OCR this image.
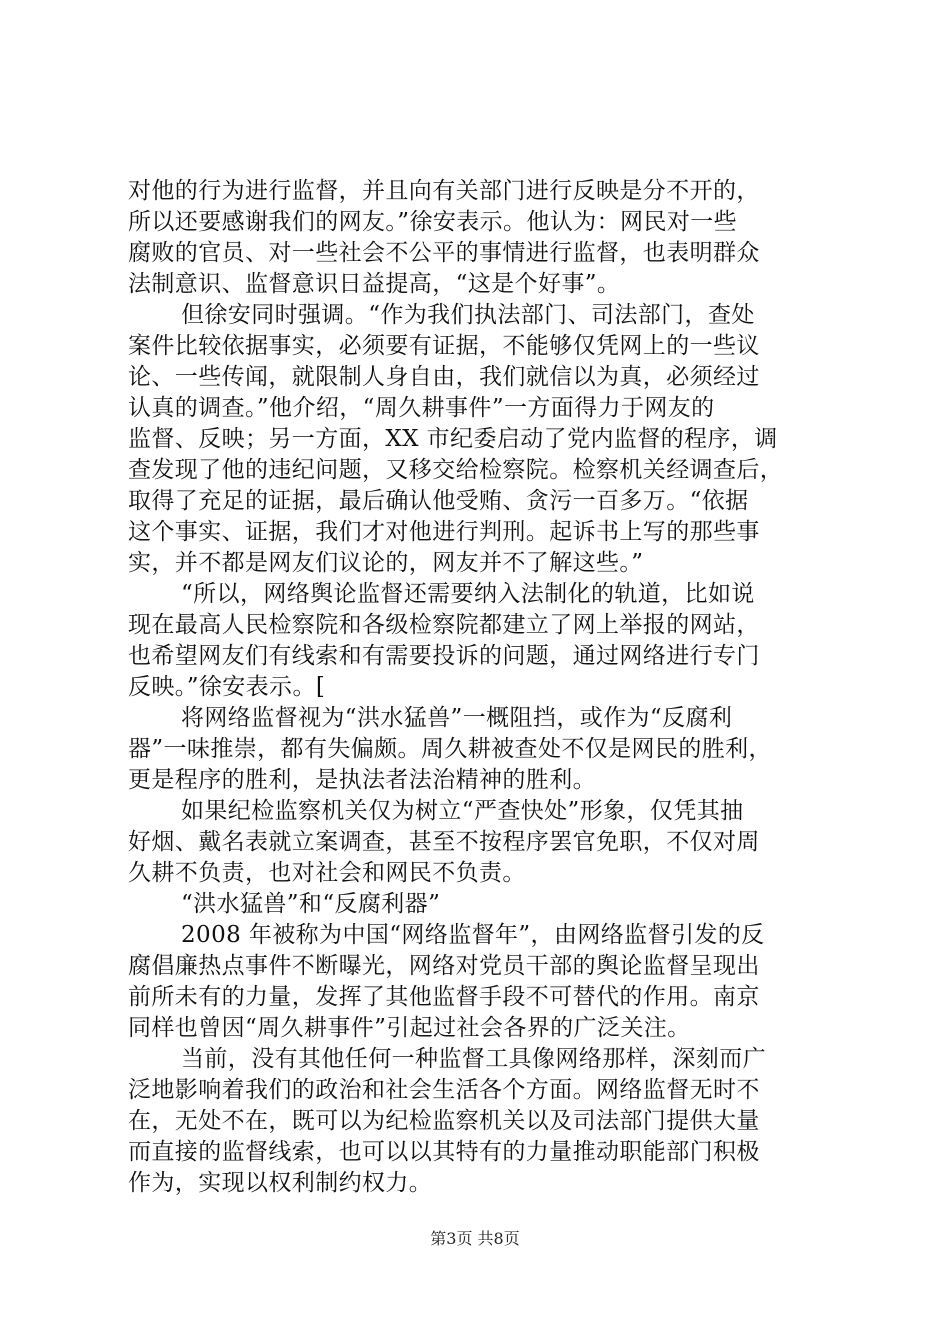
对他的行为进行监督，并且向有关部门进行反映是分不开的，
所以还要感谢我们的网友。”徐安表示。他认为：网民对一些
腐败的官员、对一些社会不公平的事情进行监督，也表明群众
法制意识、监督意识日益提高，“这是个好事”。
但徐安同时强调。“作为我们执法部门、司法部门，查处
案件比较依据事实，必须要有证据，不能够仅凭网上的一些议
论、一些传闻，就限制人身自由，我们就信以为真，必须经过
认真的调查。”他介绍，“周久耕事件”一方面得力于网友的
监督、反映；另一方面，XX 市纪委启动了党内监督的程序，调
查发现了他的违纪问题，又移交给检察院。检察机关经调查后，
取得了充足的证据，最后确认他受贿、贪污一百多万。“依据
这个事实、证据，我们才对他进行判刑。起诉书上写的那些事
实，并不都是网友们议论的，网友并不了解这些。”
“所以，网络舆论监督还需要纳入法制化的轨道，比如说
现在最高人民检察院和各级检察院都建立了网上举报的网站，
也希望网友们有线索和有需要投诉的问题，通过网络进行专门
反映。”徐安表示。[
将网络监督视为“洪水猛兽”一概阻挡，或作为“反腐利
器”一味推崇，都有失偏颇。周久耕被查处不仅是网民的胜利，
更是程序的胜利，是执法者法治精神的胜利。
如果纪检监察机关仅为树立“严查快处”形象，仅凭其抽
好烟、戴名表就立案调查，甚至不按程序罢官免职，不仅对周
久耕不负责，也对社会和网民不负责。
“洪水猛兽”和“反腐利器”
2008 年被称为中国“网络监督年”，由网络监督引发的反
腐倡廉热点事件不断曝光，网络对党员干部的舆论监督呈现出
前所未有的力量，发挥了其他监督手段不可替代的作用。南京
同样也曾因“周久耕事件”引起过社会各界的广泛关注。
当前，没有其他任何一种监督工具像网络那样，深刻而广
泛地影响着我们的政治和社会生活各个方面。网络监督无时不
在，无处不在，既可以为纪检监察机关以及司法部门提供大量
而直接的监督线索，也可以以其特有的力量推动职能部门积极
作为，实现以权利制约权力。
第3页 共8页
